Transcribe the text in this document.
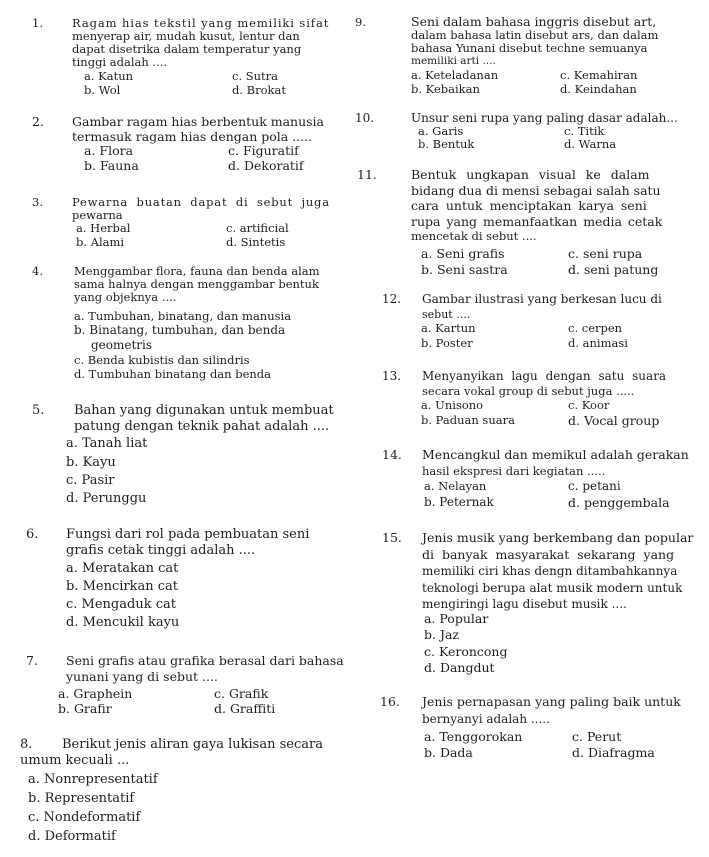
1.	Ragam hias tekstil yang memiliki sifat
menyerap air, mudah kusut, lentur dan
dapat disetrika dalam temperatur yang
tinggi adalah ....
a. Katun
b. Wol
c. Sutra
d. Brokat
2. Gambar ragam hias berbentuk manusia
termasuk ragam hias dengan pola .....
a. Flora
b. Fauna
c. Figuratif
d. Dekoratif
3.	Pewarna buatan dapat di sebut juga
pewarna
a. Herbal
b. Alami
c. artificial
d. Sintetis
4.	Menggambar flora, fauna dan benda alam
sama halnya dengan menggambar bentuk
yang objeknya ....
a. Tumbuhan, binatang, dan manusia
b. Binatang, tumbuhan, dan benda
geometris
c. Benda kubistis dan silindris
d. Tumbuhan binatang dan benda
5. Bahan yang digunakan untuk membuat
patung dengan teknik pahat adalah ....
a. Tanah liat
b. Kayu
c. Pasir
d. Perunggu
6. Fungsi dari rol pada pembuatan seni
grafis cetak tinggi adalah ....
a. Meratakan cat
b. Mencirkan cat
c. Mengaduk cat
d. Mencukil kayu
7. Seni grafis atau grafika berasal dari bahasa
yunani yang di sebut ....
a. Graphein
b. Grafir
c. Grafik
d. Graffiti
8. Berikut jenis aliran gaya lukisan secara
umum kecuali ...
a. Nonrepresentatif
b. Representatif
c. Nondeformatif
d. Deformatif
9.	Seni dalam bahasa inggris disebut art,
dalam bahasa latin disebut ars, dan dalam
bahasa Yunani disebut techne semuanya
memiliki arti ....
a. Keteladanan
b. Kebaikan
c. Kemahiran
d. Keindahan
10.	Unsur seni rupa yang paling dasar adalah...
a. Garis
b. Bentuk
c. Titik
d. Warna
11.	Bentuk ungkapan visual ke dalam
bidang dua di mensi sebagai salah satu
cara untuk menciptakan karya seni
rupa yang memanfaatkan media cetak
mencetak di sebut ....
a. Seni grafis
b. Seni sastra
c. seni rupa
d. seni patung
12. Gambar ilustrasi yang berkesan lucu di
sebut ....
a. Kartun
b. Poster
c. cerpen
d. animasi
13. Menyanyikan lagu dengan satu suara
secara vokal group di sebut juga .....
a. Unisono
b. Paduan suara
c. Koor
d. Vocal group
14. Mencangkul dan memikul adalah gerakan
hasil ekspresi dari kegiatan .....
a. Nelayan
b. Peternak
c. petani
d. penggembala
15. Jenis musik yang berkembang dan popular
di banyak masyarakat sekarang yang
memiliki ciri khas dengn ditambahkannya
teknologi berupa alat musik modern untuk
mengiringi lagu disebut musik ....
a. Popular
b. Jaz
c. Keroncong
d. Dangdut
16. Jenis pernapasan yang paling baik untuk
bernyanyi adalah .....
a. Tenggorokan
b. Dada
c. Perut
d. Diafragma
